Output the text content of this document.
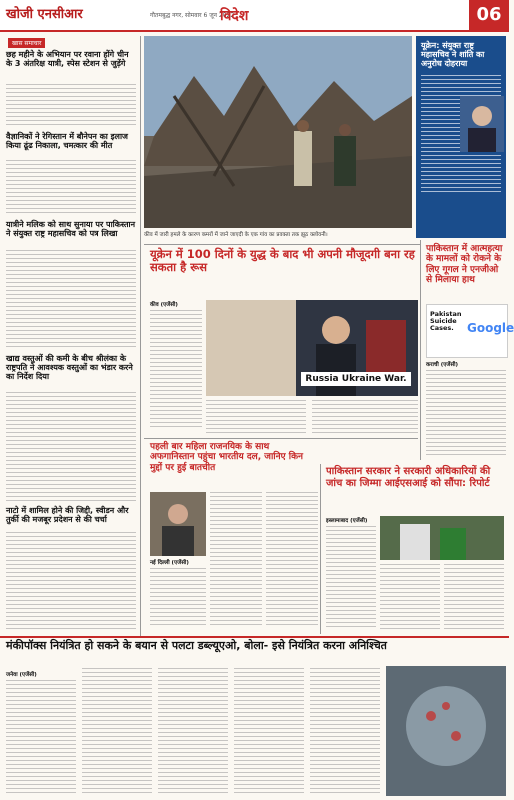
खोजी एनसीआर	गौतमबुद्ध नगर, सोमवार 6 जून 2022
विदेश	06
खास समाचार
छह महीने के अभियान पर रवाना होंगे चीन के 3 अंतरिक्ष यात्री, स्पेस स्टेशन से जुड़ेंगे
वैज्ञानिकों ने रेगिस्तान में बौनेपन का इलाज किया ढूंढ निकाला, चमत्कार की मीत
यात्रीने मलिक को साथ सुनाया पर पाकिस्तान ने संयुक्त राष्ट्र महासचिव को पत्र लिखा
खाद्य वस्तुओं की कमी के बीच श्रीलंका के राष्ट्रपति ने आवश्यक वस्तुओं का भंडार करने का निर्देश दिया
नाटो में शामिल होने की जिद्दी, स्वीडन और तुर्की की मजबूर प्रदेशन से की चर्चा
कीव में जारी हमले के कारण कमरों में जाने जाएदी के एक गांव का प्रवक्ता तक झूठ क्लोवनी।
यूक्रेन: संयुक्त राष्ट्र महासचिव ने शांति का अनुरोध दोहराया
यूक्रेन में 100 दिनों के युद्ध के बाद भी अपनी मौजूदगी बना रह सकता है रूस
कीव (एजेंसी)
Russia Ukraine War.
पाकिस्तान में आत्महत्या के मामलों को रोकने के लिए गूगल ने एनजीओ से मिलाया हाथ
Pakistan Suicide Cases.	Google
कराची (एजेंसी)
पहली बार महिला राजनयिक के साथ अफगानिस्तान पहुंचा भारतीय दल, जानिए किन मुद्दों पर हुई बातचीत
नई दिल्ली (एजेंसी)
पाकिस्तान सरकार ने सरकारी अधिकारियों की जांच का जिम्मा आईएसआई को सौंपा: रिपोर्ट
इस्लामाबाद (एजेंसी)
मंकीपॉक्स नियंत्रित हो सकने के बयान से पलटा डब्ल्यूएओ, बोला- इसे नियंत्रित करना अनिश्चित
जनेवा (एजेंसी)
